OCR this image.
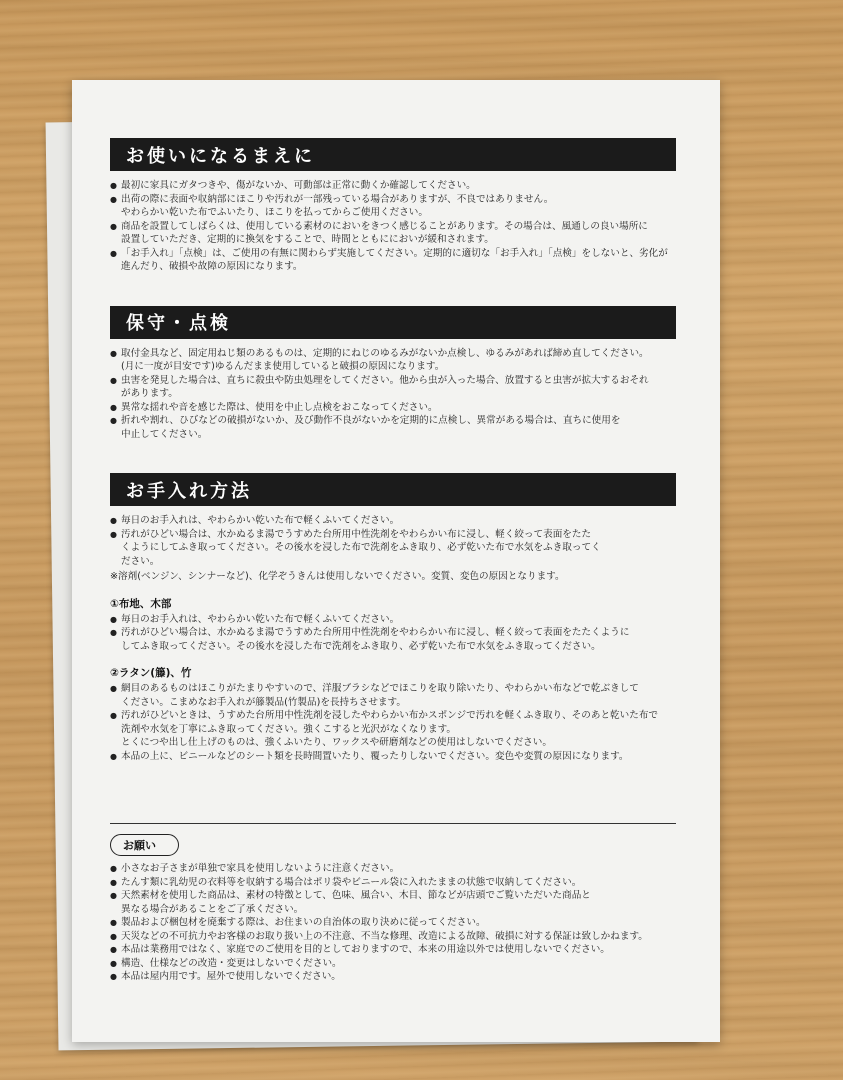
お使いになるまえに
● 最初に家具にガタつきや、傷がないか、可動部は正常に動くか確認してください。
● 出荷の際に表面や収納部にほこりや汚れが一部残っている場合がありますが、不良ではありません。
やわらかい乾いた布でふいたり、ほこりを払ってからご使用ください。
● 商品を設置してしばらくは、使用している素材のにおいをきつく感じることがあります。その場合は、風通しの良い場所に
設置していただき、定期的に換気をすることで、時間とともににおいが緩和されます。
● 「お手入れ」「点検」は、ご使用の有無に関わらず実施してください。定期的に適切な「お手入れ」「点検」をしないと、劣化が
進んだり、破損や故障の原因になります。
保守・点検
● 取付金具など、固定用ねじ類のあるものは、定期的にねじのゆるみがないか点検し、ゆるみがあれば締め直してください。
(月に一度が目安です)ゆるんだまま使用していると破損の原因になります。
● 虫害を発見した場合は、直ちに殺虫や防虫処理をしてください。他から虫が入った場合、放置すると虫害が拡大するおそれ
があります。
● 異常な揺れや音を感じた際は、使用を中止し点検をおこなってください。
● 折れや割れ、ひびなどの破損がないか、及び動作不良がないかを定期的に点検し、異常がある場合は、直ちに使用を
中止してください。
お手入れ方法
● 毎日のお手入れは、やわらかい乾いた布で軽くふいてください。
● 汚れがひどい場合は、水かぬるま湯でうすめた台所用中性洗剤をやわらかい布に浸し、軽く絞って表面をたた
くようにしてふき取ってください。その後水を浸した布で洗剤をふき取り、必ず乾いた布で水気をふき取ってく
ださい。
※溶剤(ベンジン、シンナーなど)、化学ぞうきんは使用しないでください。変質、変色の原因となります。
①布地、木部
● 毎日のお手入れは、やわらかい乾いた布で軽くふいてください。
● 汚れがひどい場合は、水かぬるま湯でうすめた台所用中性洗剤をやわらかい布に浸し、軽く絞って表面をたたくように
してふき取ってください。その後水を浸した布で洗剤をふき取り、必ず乾いた布で水気をふき取ってください。
②ラタン(籐)、竹
● 網目のあるものはほこりがたまりやすいので、洋服ブラシなどでほこりを取り除いたり、やわらかい布などで乾ぶきして
ください。こまめなお手入れが籐製品(竹製品)を長持ちさせます。
● 汚れがひどいときは、うすめた台所用中性洗剤を浸したやわらかい布かスポンジで汚れを軽くふき取り、そのあと乾いた布で
洗剤や水気を丁寧にふき取ってください。強くこすると光沢がなくなります。
とくにつや出し仕上げのものは、強くふいたり、ワックスや研磨剤などの使用はしないでください。
● 本品の上に、ビニールなどのシート類を長時間置いたり、覆ったりしないでください。変色や変質の原因になります。
お願い
● 小さなお子さまが単独で家具を使用しないように注意ください。
● たんす類に乳幼児の衣料等を収納する場合はポリ袋やビニール袋に入れたままの状態で収納してください。
● 天然素材を使用した商品は、素材の特徴として、色味、風合い、木目、節などが店頭でご覧いただいた商品と
異なる場合があることをご了承ください。
● 製品および梱包材を廃棄する際は、お住まいの自治体の取り決めに従ってください。
● 天災などの不可抗力やお客様のお取り扱い上の不注意、不当な修理、改造による故障、破損に対する保証は致しかねます。
● 本品は業務用ではなく、家庭でのご使用を目的としておりますので、本来の用途以外では使用しないでください。
● 構造、仕様などの改造・変更はしないでください。
● 本品は屋内用です。屋外で使用しないでください。
